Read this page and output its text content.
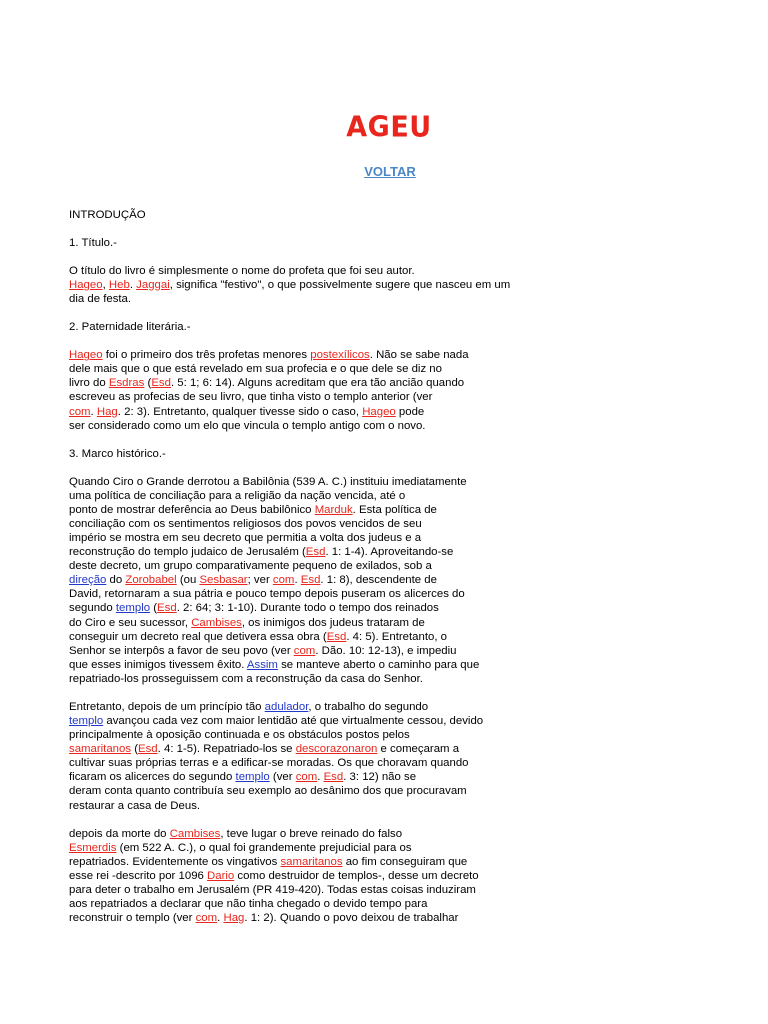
AGEU
VOLTAR

INTRODUÇÃO

1. Título.-

O título do livro é simplesmente o nome do profeta que foi seu autor.
Hageo, Heb. Jaggai, significa "festivo", o que possivelmente sugere que nasceu em um
dia de festa.

2. Paternidade literária.-

Hageo foi o primeiro dos três profetas menores postexílicos. Não se sabe nada
dele mais que o que está revelado em sua profecia e o que dele se diz no
livro do Esdras (Esd. 5: 1; 6: 14). Alguns acreditam que era tão ancião quando
escreveu as profecias de seu livro, que tinha visto o templo anterior (ver
com. Hag. 2: 3). Entretanto, qualquer tivesse sido o caso, Hageo pode
ser considerado como um elo que vincula o templo antigo com o novo.

3. Marco histórico.-

Quando Ciro o Grande derrotou a Babilônia (539 A. C.) instituiu imediatamente
uma política de conciliação para a religião da nação vencida, até o
ponto de mostrar deferência ao Deus babilônico Marduk. Esta política de
conciliação com os sentimentos religiosos dos povos vencidos de seu
império se mostra em seu decreto que permitia a volta dos judeus e a
reconstrução do templo judaico de Jerusalém (Esd. 1: 1-4). Aproveitando-se
deste decreto, um grupo comparativamente pequeno de exilados, sob a
direção do Zorobabel (ou Sesbasar; ver com. Esd. 1: 8), descendente de
David, retornaram a sua pátria e pouco tempo depois puseram os alicerces do
segundo templo (Esd. 2: 64; 3: 1-10). Durante todo o tempo dos reinados
do Ciro e seu sucessor, Cambises, os inimigos dos judeus trataram de
conseguir um decreto real que detivera essa obra (Esd. 4: 5). Entretanto, o
Senhor se interpôs a favor de seu povo (ver com. Dão. 10: 12-13), e impediu
que esses inimigos tivessem êxito. Assim se manteve aberto o caminho para que
repatriado-los prosseguissem com a reconstrução da casa do Senhor.

Entretanto, depois de um princípio tão adulador, o trabalho do segundo
templo avançou cada vez com maior lentidão até que virtualmente cessou, devido
principalmente à oposição continuada e os obstáculos postos pelos
samaritanos (Esd. 4: 1-5). Repatriado-los se descorazonaron e começaram a
cultivar suas próprias terras e a edificar-se moradas. Os que choravam quando
ficaram os alicerces do segundo templo (ver com. Esd. 3: 12) não se
deram conta quanto contribuía seu exemplo ao desânimo dos que procuravam
restaurar a casa de Deus.

depois da morte do Cambises, teve lugar o breve reinado do falso
Esmerdis (em 522 A. C.), o qual foi grandemente prejudicial para os
repatriados. Evidentemente os vingativos samaritanos ao fim conseguiram que
esse rei -descrito por 1096 Dario como destruidor de templos-, desse um decreto
para deter o trabalho em Jerusalém (PR 419-420). Todas estas coisas induziram
aos repatriados a declarar que não tinha chegado o devido tempo para
reconstruir o templo (ver com. Hag. 1: 2). Quando o povo deixou de trabalhar
